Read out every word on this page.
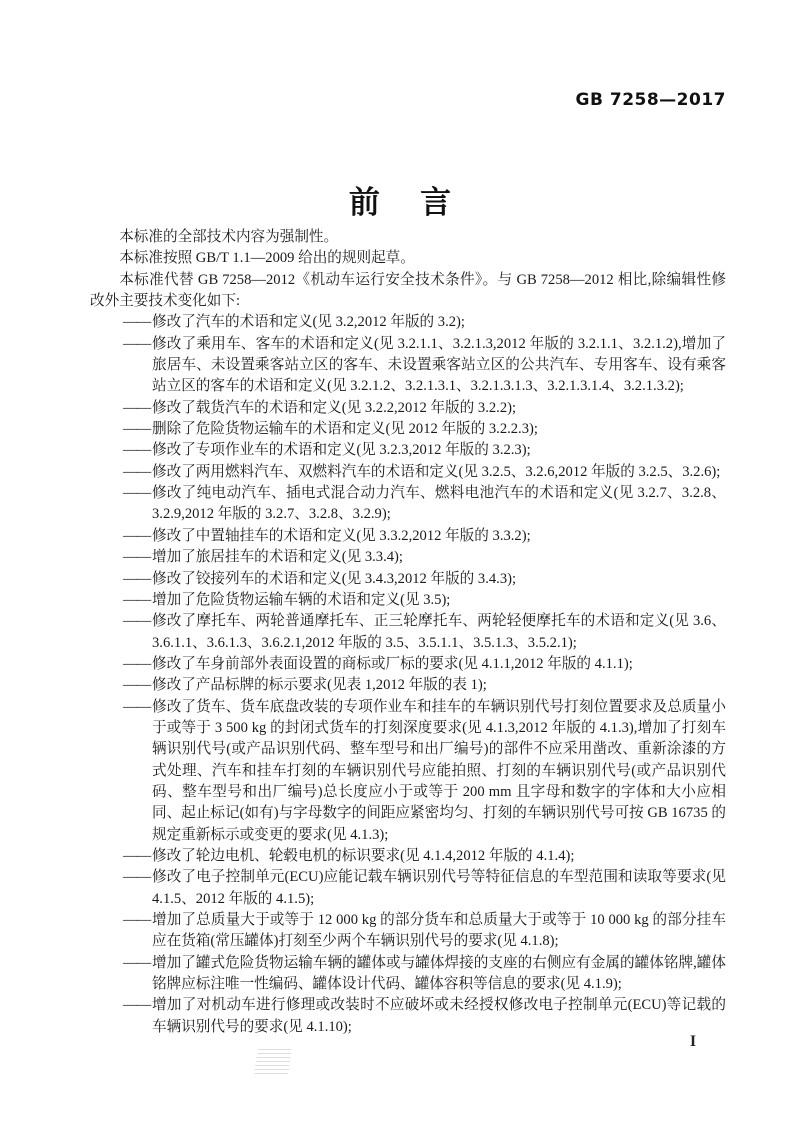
GB 7258—2017
前言

本标准的全部技术内容为强制性。

本标准按照 GB/T 1.1—2009 给出的规则起草。

本标准代替 GB 7258—2012《机动车运行安全技术条件》。与 GB 7258—2012 相比,除编辑性修改外主要技术变化如下:

—— 修改了汽车的术语和定义(见 3.2,2012 年版的 3.2);
—— 修改了乘用车、客车的术语和定义(见 3.2.1.1、3.2.1.3,2012 年版的 3.2.1.1、3.2.1.2),增加了旅居车、未设置乘客站立区的客车、未设置乘客站立区的公共汽车、专用客车、设有乘客站立区的客车的术语和定义(见 3.2.1.2、3.2.1.3.1、3.2.1.3.1.3、3.2.1.3.1.4、3.2.1.3.2);
—— 修改了载货汽车的术语和定义(见 3.2.2,2012 年版的 3.2.2);
—— 删除了危险货物运输车的术语和定义(见 2012 年版的 3.2.2.3);
—— 修改了专项作业车的术语和定义(见 3.2.3,2012 年版的 3.2.3);
—— 修改了两用燃料汽车、双燃料汽车的术语和定义(见 3.2.5、3.2.6,2012 年版的 3.2.5、3.2.6);
—— 修改了纯电动汽车、插电式混合动力汽车、燃料电池汽车的术语和定义(见 3.2.7、3.2.8、3.2.9,2012 年版的 3.2.7、3.2.8、3.2.9);
—— 修改了中置轴挂车的术语和定义(见 3.3.2,2012 年版的 3.3.2);
—— 增加了旅居挂车的术语和定义(见 3.3.4);
—— 修改了铰接列车的术语和定义(见 3.4.3,2012 年版的 3.4.3);
—— 增加了危险货物运输车辆的术语和定义(见 3.5);
—— 修改了摩托车、两轮普通摩托车、正三轮摩托车、两轮轻便摩托车的术语和定义(见 3.6、3.6.1.1、3.6.1.3、3.6.2.1,2012 年版的 3.5、3.5.1.1、3.5.1.3、3.5.2.1);
—— 修改了车身前部外表面设置的商标或厂标的要求(见 4.1.1,2012 年版的 4.1.1);
—— 修改了产品标牌的标示要求(见表 1,2012 年版的表 1);
—— 修改了货车、货车底盘改装的专项作业车和挂车的车辆识别代号打刻位置要求及总质量小于或等于 3 500 kg 的封闭式货车的打刻深度要求(见 4.1.3,2012 年版的 4.1.3),增加了打刻车辆识别代号(或产品识别代码、整车型号和出厂编号)的部件不应采用凿改、重新涂漆的方式处理、汽车和挂车打刻的车辆识别代号应能拍照、打刻的车辆识别代号(或产品识别代码、整车型号和出厂编号)总长度应小于或等于 200 mm 且字母和数字的字体和大小应相同、起止标记(如有)与字母数字的间距应紧密均匀、打刻的车辆识别代号可按 GB 16735 的规定重新标示或变更的要求(见 4.1.3);
—— 修改了轮边电机、轮毂电机的标识要求(见 4.1.4,2012 年版的 4.1.4);
—— 修改了电子控制单元(ECU)应能记载车辆识别代号等特征信息的车型范围和读取等要求(见 4.1.5、2012 年版的 4.1.5);
—— 增加了总质量大于或等于 12 000 kg 的部分货车和总质量大于或等于 10 000 kg 的部分挂车应在货箱(常压罐体)打刻至少两个车辆识别代号的要求(见 4.1.8);
—— 增加了罐式危险货物运输车辆的罐体或与罐体焊接的支座的右侧应有金属的罐体铭牌,罐体铭牌应标注唯一性编码、罐体设计代码、罐体容积等信息的要求(见 4.1.9);
—— 增加了对机动车进行修理或改装时不应破坏或未经授权修改电子控制单元(ECU)等记载的车辆识别代号的要求(见 4.1.10);
I
